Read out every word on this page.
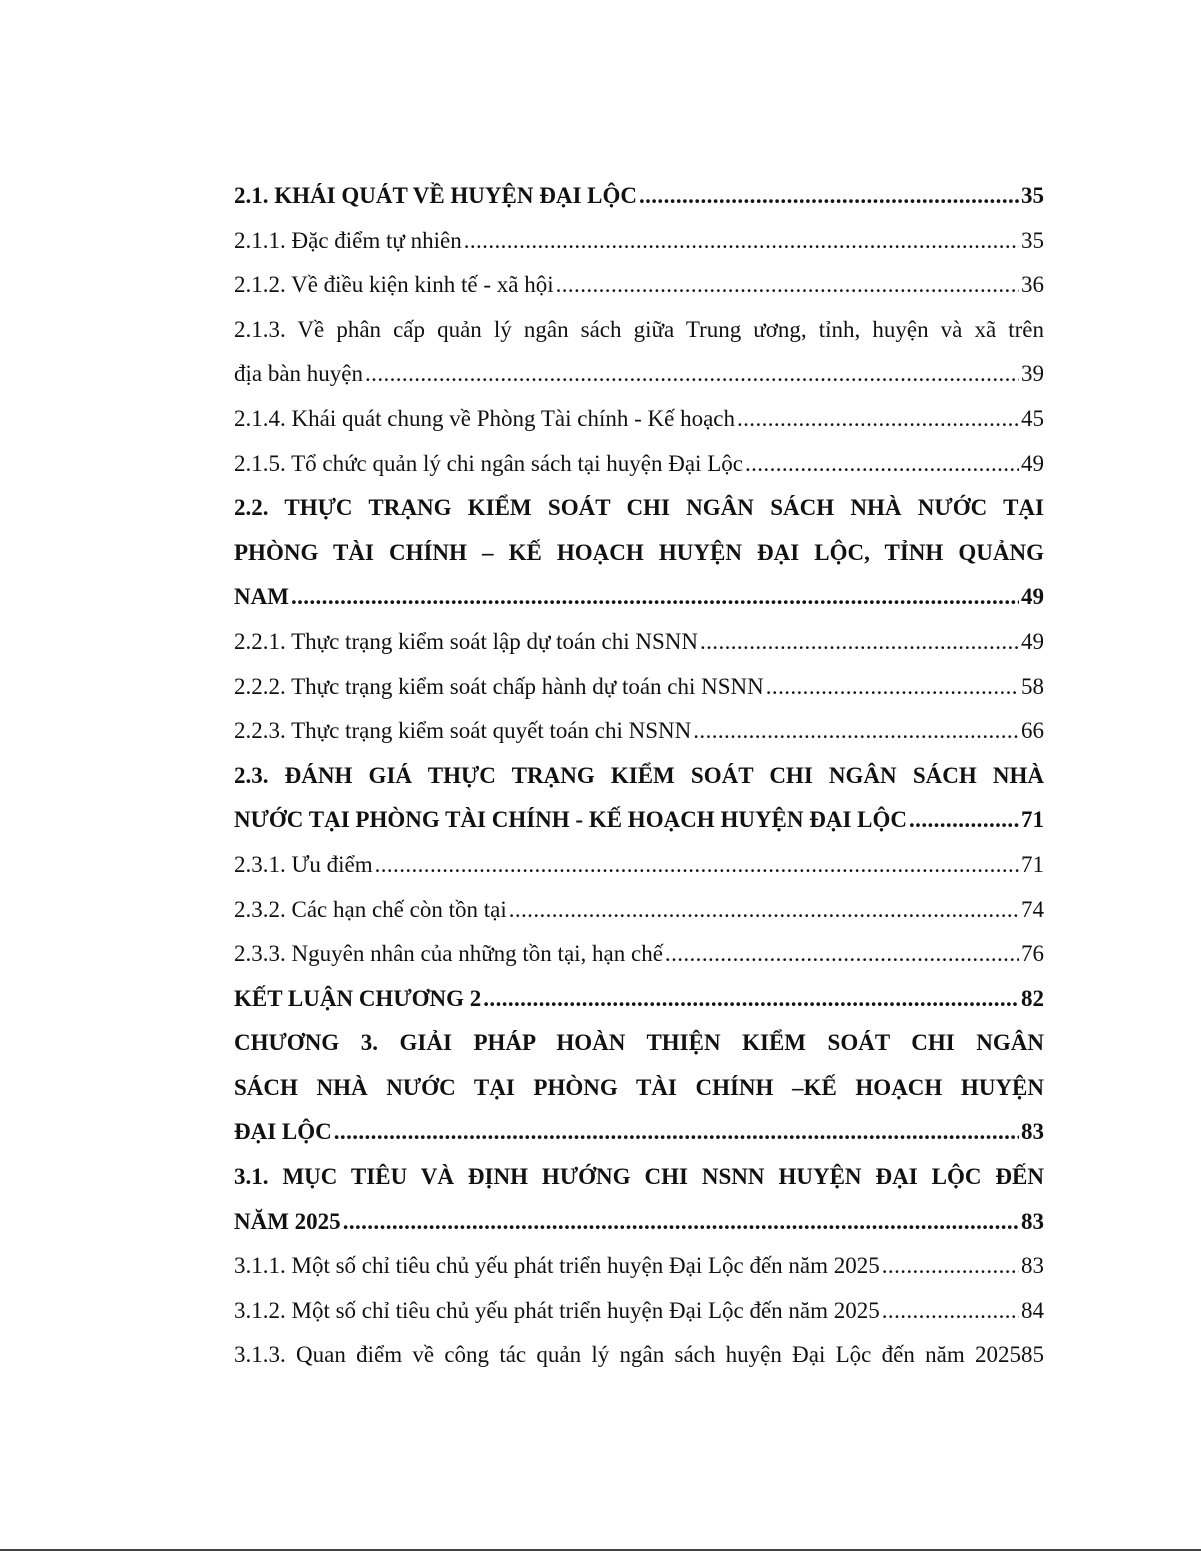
2.1. KHÁI QUÁT VỀ HUYỆN ĐẠI LỘC .....	35
2.1.1. Đặc điểm tự nhiên .....	35
2.1.2. Về điều kiện kinh tế - xã hội .....	36
2.1.3. Về phân cấp quản lý ngân sách giữa Trung ương, tỉnh, huyện và xã trên
địa bàn huyện .....	39
2.1.4. Khái quát chung về Phòng Tài chính - Kế hoạch .....	45
2.1.5. Tổ chức quản lý chi ngân sách tại huyện Đại Lộc .....	49
2.2. THỰC TRẠNG KIỂM SOÁT CHI NGÂN SÁCH NHÀ NƯỚC TẠI
PHÒNG TÀI CHÍNH – KẾ HOẠCH HUYỆN ĐẠI LỘC, TỈNH QUẢNG
NAM .....	49
2.2.1. Thực trạng kiểm soát lập dự toán chi NSNN .....	49
2.2.2. Thực trạng kiểm soát chấp hành dự toán chi NSNN .....	58
2.2.3. Thực trạng kiểm soát quyết toán chi NSNN .....	66
2.3. ĐÁNH GIÁ THỰC TRẠNG KIỂM SOÁT CHI NGÂN SÁCH NHÀ
NƯỚC TẠI PHÒNG TÀI CHÍNH - KẾ HOẠCH HUYỆN ĐẠI LỘC .....	71
2.3.1. Ưu điểm .....	71
2.3.2. Các hạn chế còn tồn tại .....	74
2.3.3. Nguyên nhân của những tồn tại, hạn chế .....	76
KẾT LUẬN CHƯƠNG 2 .....	82
CHƯƠNG 3. GIẢI PHÁP HOÀN THIỆN KIỂM SOÁT CHI NGÂN
SÁCH NHÀ NƯỚC TẠI PHÒNG TÀI CHÍNH –KẾ HOẠCH HUYỆN
ĐẠI LỘC .....	83
3.1. MỤC TIÊU VÀ ĐỊNH HƯỚNG CHI NSNN HUYỆN ĐẠI LỘC ĐẾN
NĂM 2025 .....	83
3.1.1. Một số chỉ tiêu chủ yếu phát triển huyện Đại Lộc đến năm 2025 .....	83
3.1.2. Một số chỉ tiêu chủ yếu phát triển huyện Đại Lộc đến năm 2025 .....	84
3.1.3. Quan điểm về công tác quản lý ngân sách huyện Đại Lộc đến năm 202585
